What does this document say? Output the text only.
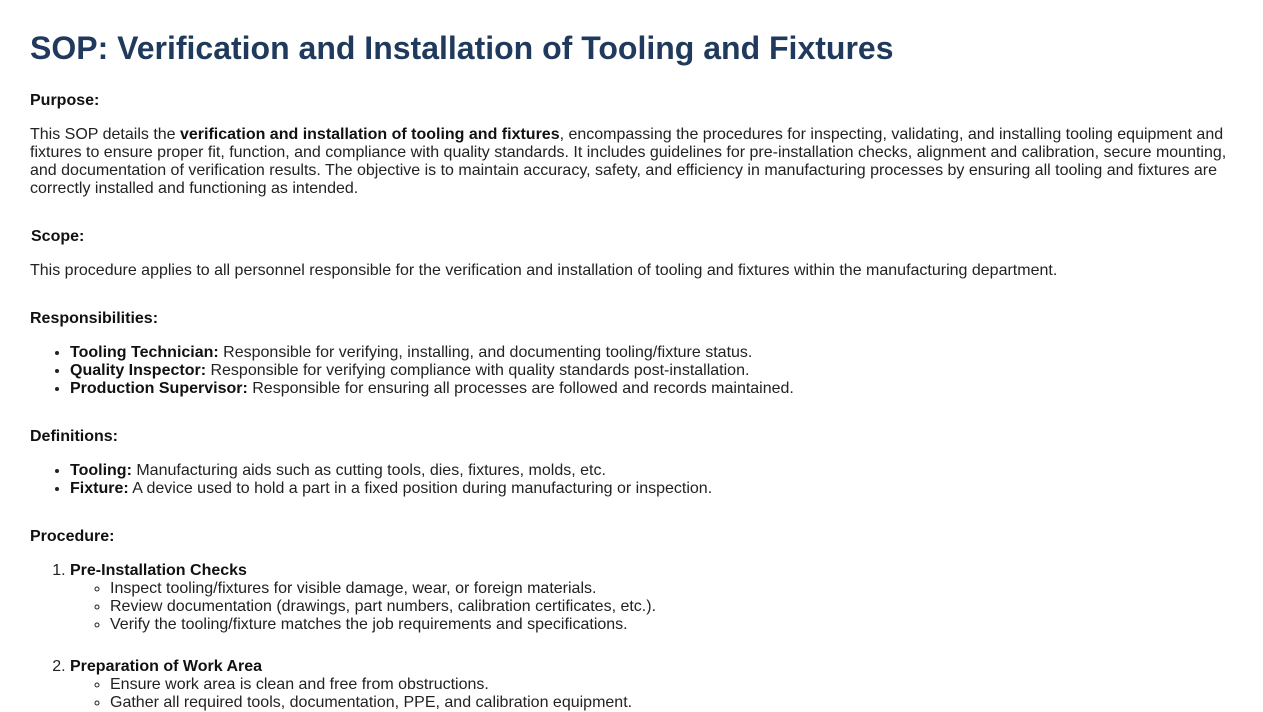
SOP: Verification and Installation of Tooling and Fixtures

Purpose:

This SOP details the verification and installation of tooling and fixtures, encompassing the procedures for inspecting, validating, and installing tooling equipment and fixtures to ensure proper fit, function, and compliance with quality standards. It includes guidelines for pre-installation checks, alignment and calibration, secure mounting, and documentation of verification results. The objective is to maintain accuracy, safety, and efficiency in manufacturing processes by ensuring all tooling and fixtures are correctly installed and functioning as intended.

Scope:

This procedure applies to all personnel responsible for the verification and installation of tooling and fixtures within the manufacturing department.

Responsibilities:

• Tooling Technician: Responsible for verifying, installing, and documenting tooling/fixture status.
• Quality Inspector: Responsible for verifying compliance with quality standards post-installation.
• Production Supervisor: Responsible for ensuring all processes are followed and records maintained.

Definitions:

• Tooling: Manufacturing aids such as cutting tools, dies, fixtures, molds, etc.
• Fixture: A device used to hold a part in a fixed position during manufacturing or inspection.

Procedure:

1. Pre-Installation Checks
◦ Inspect tooling/fixtures for visible damage, wear, or foreign materials.
◦ Review documentation (drawings, part numbers, calibration certificates, etc.).
◦ Verify the tooling/fixture matches the job requirements and specifications.
2. Preparation of Work Area
◦ Ensure work area is clean and free from obstructions.
◦ Gather all required tools, documentation, PPE, and calibration equipment.
